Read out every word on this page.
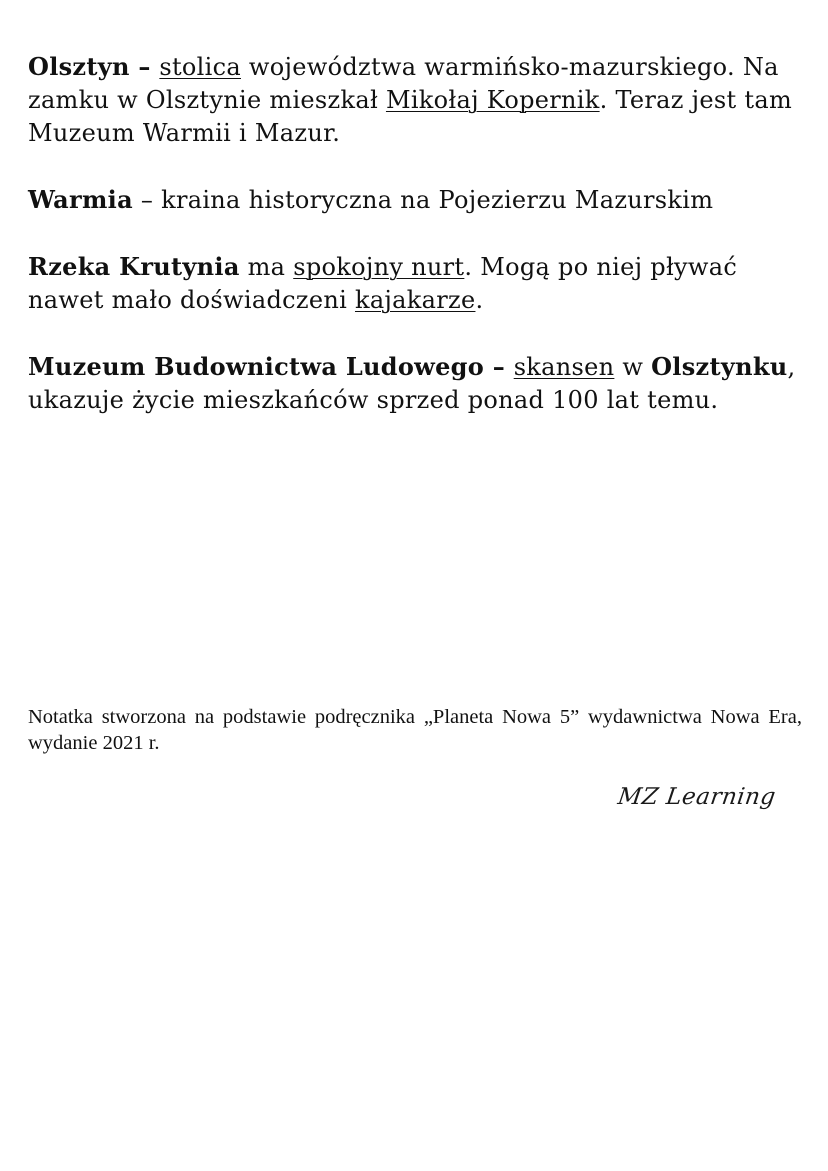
Olsztyn – stolica województwa warmińsko-mazurskiego. Na zamku w Olsztynie mieszkał Mikołaj Kopernik. Teraz jest tam Muzeum Warmii i Mazur.

Warmia – kraina historyczna na Pojezierzu Mazurskim

Rzeka Krutynia ma spokojny nurt. Mogą po niej pływać nawet mało doświadczeni kajakarze.

Muzeum Budownictwa Ludowego – skansen w Olsztynku, ukazuje życie mieszkańców sprzed ponad 100 lat temu.

Notatka stworzona na podstawie podręcznika „Planeta Nowa 5” wydawnictwa Nowa Era, wydanie 2021 r.
MZ Learning
